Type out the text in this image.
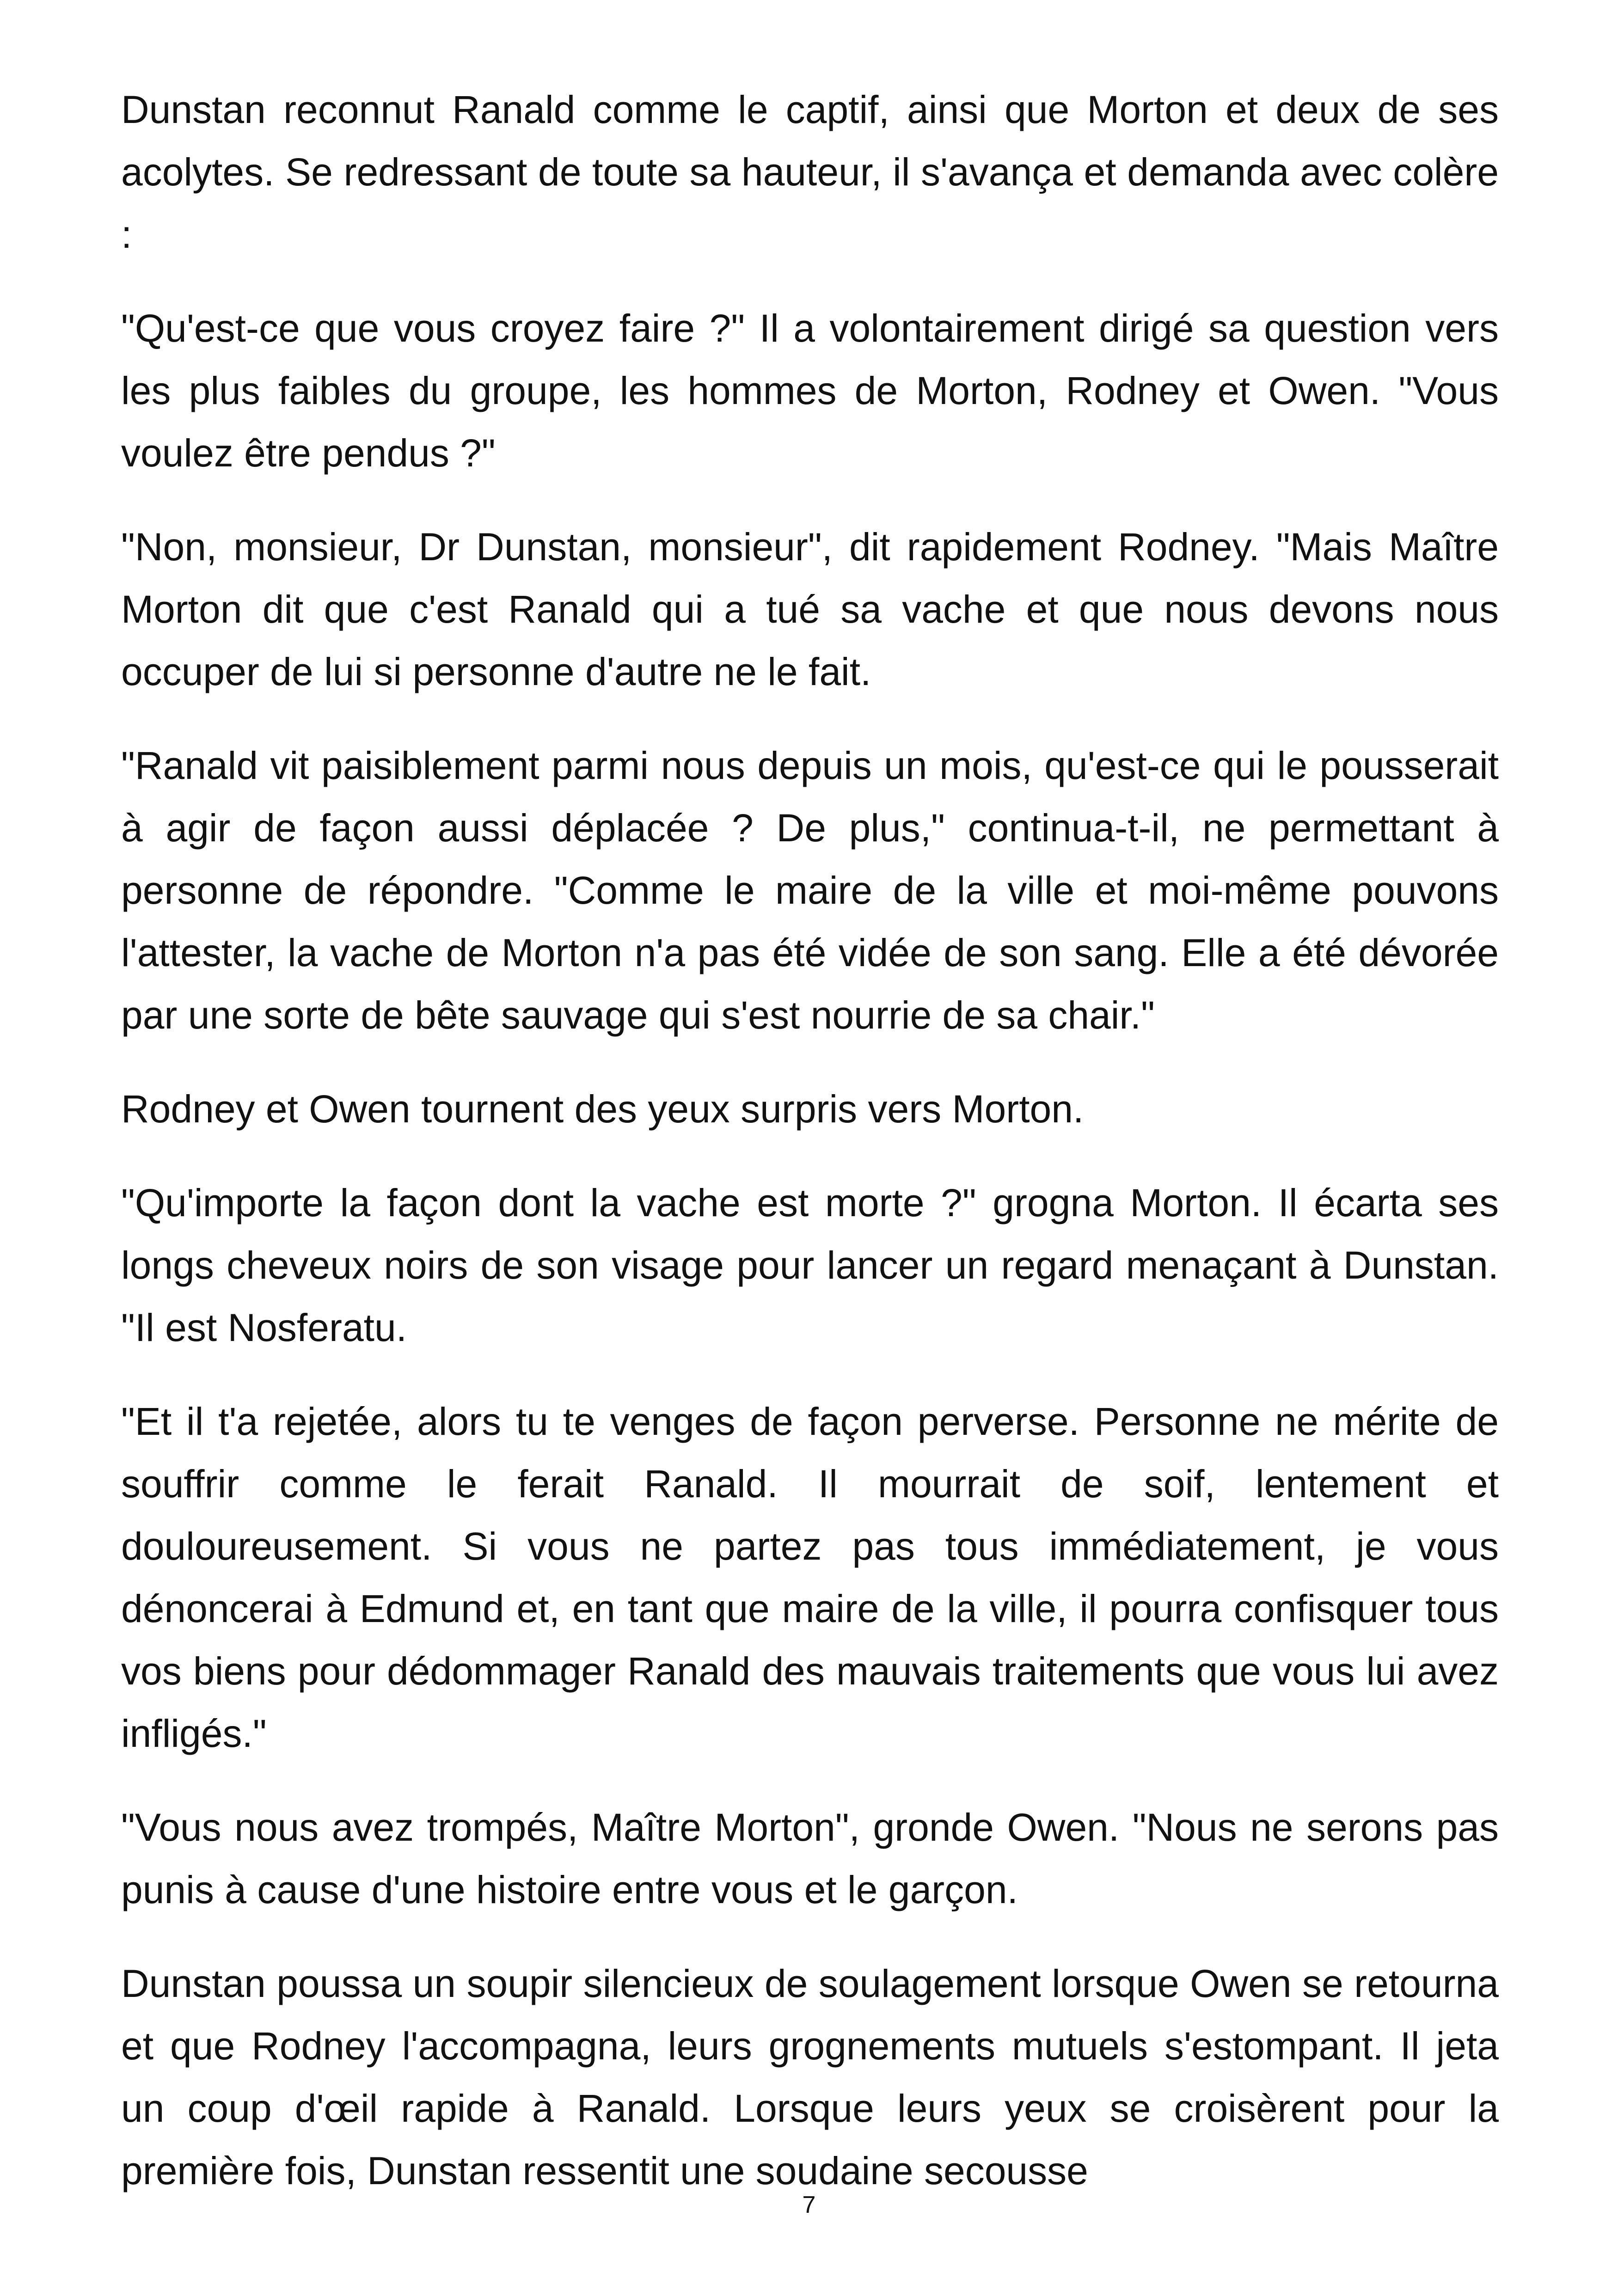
Dunstan reconnut Ranald comme le captif, ainsi que Morton et deux de ses acolytes. Se redressant de toute sa hauteur, il s'avança et demanda avec colère :

"Qu'est-ce que vous croyez faire ?" Il a volontairement dirigé sa question vers les plus faibles du groupe, les hommes de Morton, Rodney et Owen. "Vous voulez être pendus ?"

"Non, monsieur, Dr Dunstan, monsieur", dit rapidement Rodney. "Mais Maître Morton dit que c'est Ranald qui a tué sa vache et que nous devons nous occuper de lui si personne d'autre ne le fait.

"Ranald vit paisiblement parmi nous depuis un mois, qu'est-ce qui le pousserait à agir de façon aussi déplacée ? De plus," continua-t-il, ne permettant à personne de répondre. "Comme le maire de la ville et moi-même pouvons l'attester, la vache de Morton n'a pas été vidée de son sang. Elle a été dévorée par une sorte de bête sauvage qui s'est nourrie de sa chair."

Rodney et Owen tournent des yeux surpris vers Morton.

"Qu'importe la façon dont la vache est morte ?" grogna Morton. Il écarta ses longs cheveux noirs de son visage pour lancer un regard menaçant à Dunstan. "Il est Nosferatu.

"Et il t'a rejetée, alors tu te venges de façon perverse. Personne ne mérite de souffrir comme le ferait Ranald. Il mourrait de soif, lentement et douloureusement. Si vous ne partez pas tous immédiatement, je vous dénoncerai à Edmund et, en tant que maire de la ville, il pourra confisquer tous vos biens pour dédommager Ranald des mauvais traitements que vous lui avez infligés."

"Vous nous avez trompés, Maître Morton", gronde Owen. "Nous ne serons pas punis à cause d'une histoire entre vous et le garçon.

Dunstan poussa un soupir silencieux de soulagement lorsque Owen se retourna et que Rodney l'accompagna, leurs grognements mutuels s'estompant. Il jeta un coup d'œil rapide à Ranald. Lorsque leurs yeux se croisèrent pour la première fois, Dunstan ressentit une soudaine secousse

7
